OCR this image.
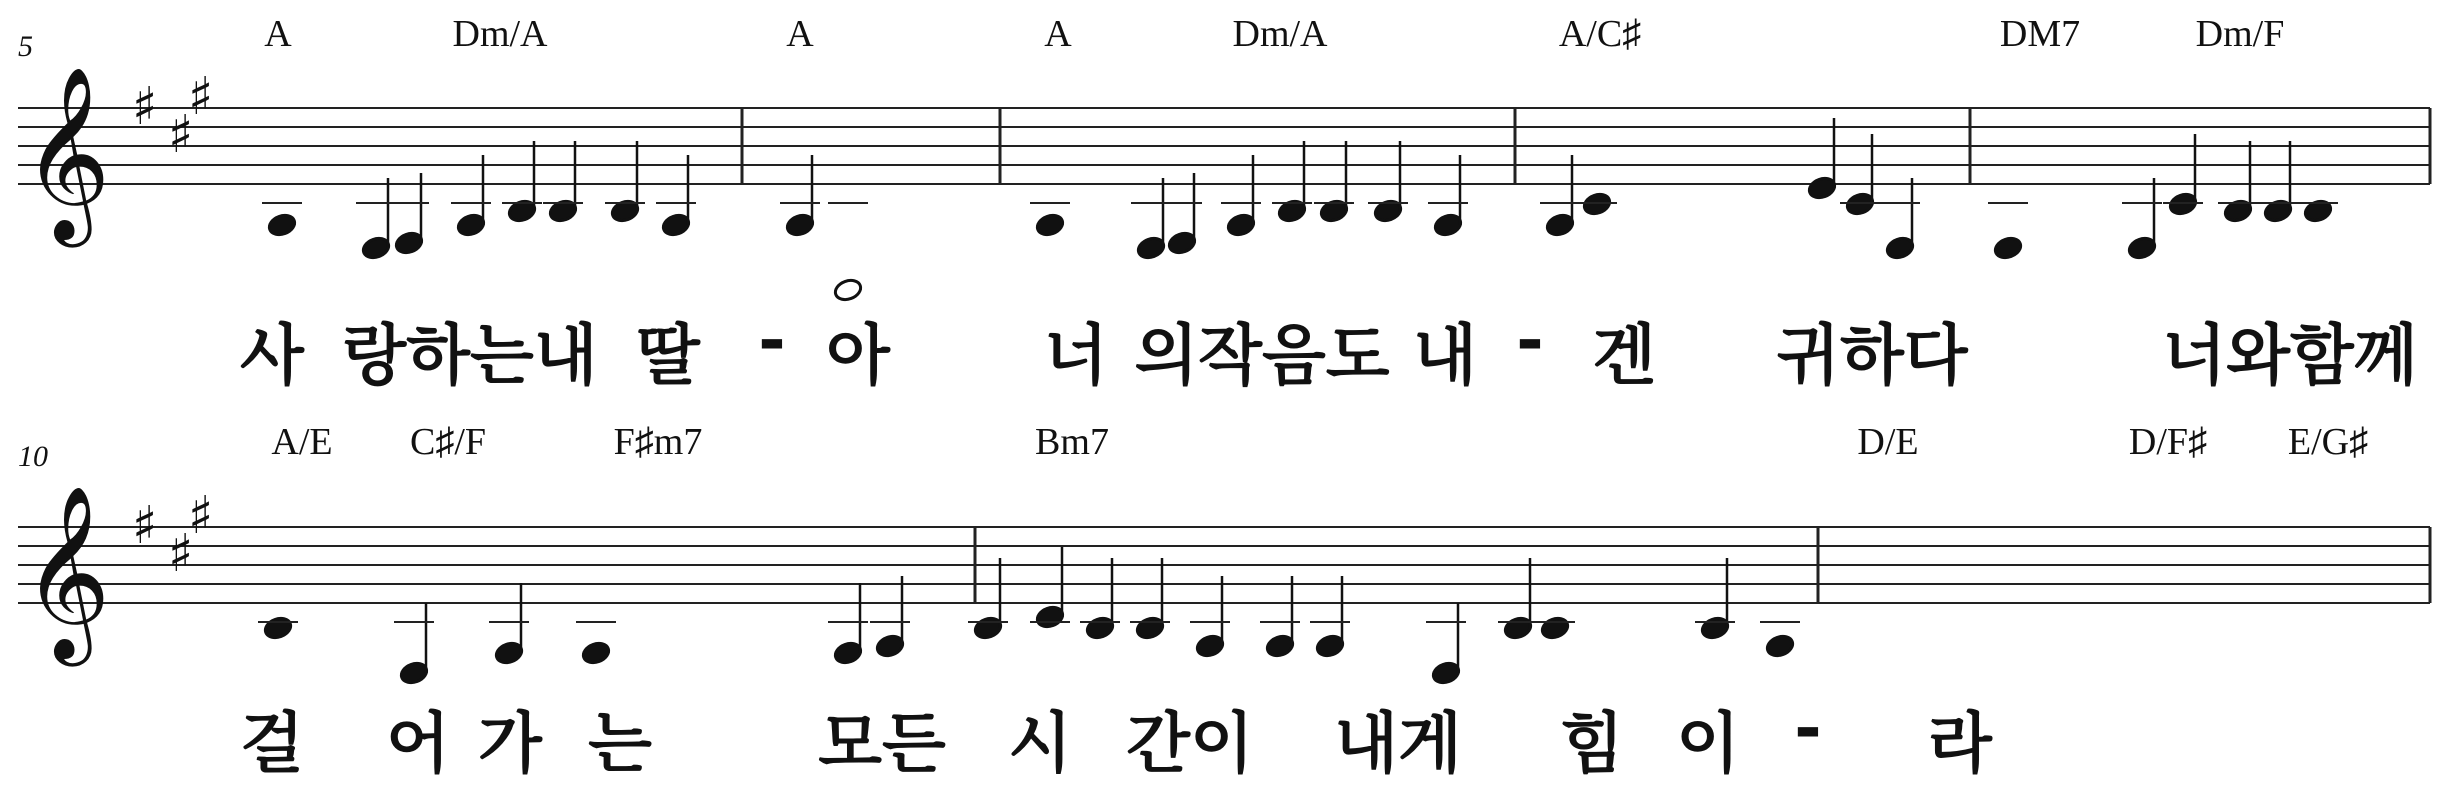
𝄞 ♯ ♯
♯
𝄞 ♯ ♯
♯
5	A	Dm/A	A	A	Dm/A	A/C♯	DM7	Dm/F
사 랑하는내 딸 - 아 너 의작음도 내 - 겐 귀하다	너와함께
10	A/E C♯/F	F♯m7	Bm7	D/E	D/F♯ E/G♯
걸 어 가 는	모든 시 간이 내게 힘 이 - 라
